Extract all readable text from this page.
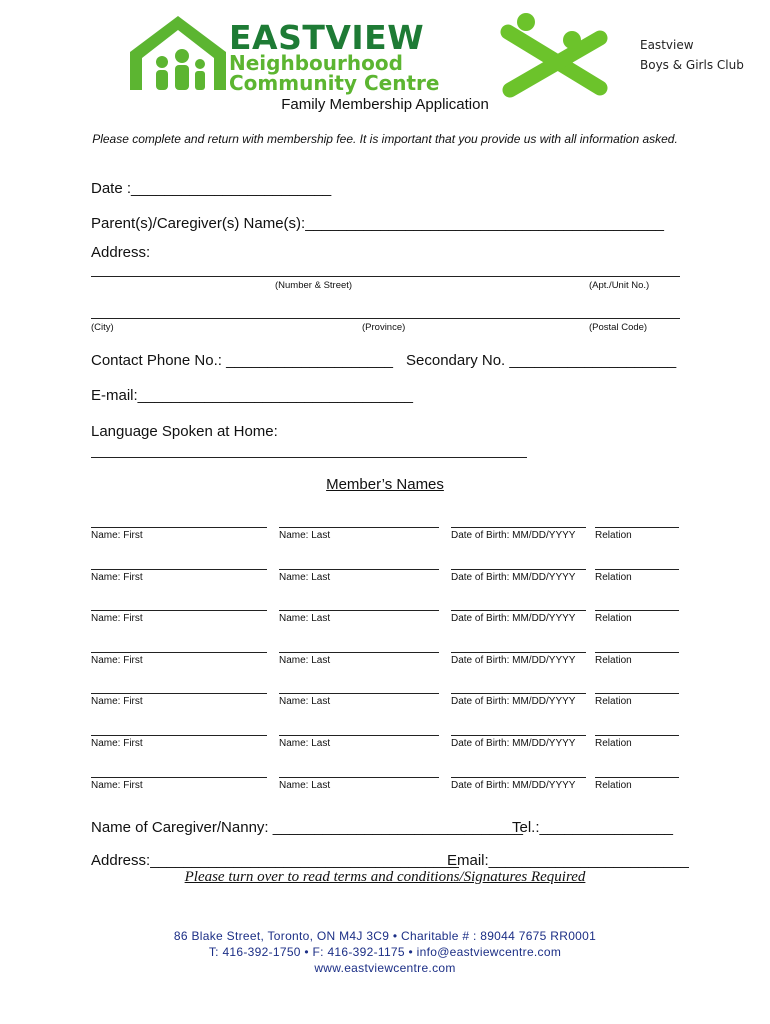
EASTVIEW
Neighbourhood
Community Centre
Eastview
Boys & Girls Club
Family Membership Application
Please complete and return with membership fee. It is important that you provide us with all information asked.
Date :________________________
Parent(s)/Caregiver(s) Name(s):___________________________________________
Address:
(Number & Street)	(Apt./Unit No.)
(City)	(Province)	(Postal Code)
Contact Phone No.: ____________________ Secondary No. ____________________
E-mail:_________________________________
Language Spoken at Home:
Member’s Names
Name: First	Name: Last	Date of Birth: MM/DD/YYYY Relation
Name: First	Name: Last	Date of Birth: MM/DD/YYYY Relation
Name: First	Name: Last	Date of Birth: MM/DD/YYYY Relation
Name: First	Name: Last	Date of Birth: MM/DD/YYYY Relation
Name: First	Name: Last	Date of Birth: MM/DD/YYYY Relation
Name: First	Name: Last	Date of Birth: MM/DD/YYYY Relation
Name: First	Name: Last	Date of Birth: MM/DD/YYYY Relation
Name of Caregiver/Nanny: ______________________________
Tel.:________________
Address:_____________________________________
Email:________________________
Please turn over to read terms and conditions/Signatures Required
86 Blake Street, Toronto, ON M4J 3C9 • Charitable # : 89044 7675 RR0001
T: 416-392-1750 • F: 416-392-1175 • info@eastviewcentre.com
www.eastviewcentre.com
